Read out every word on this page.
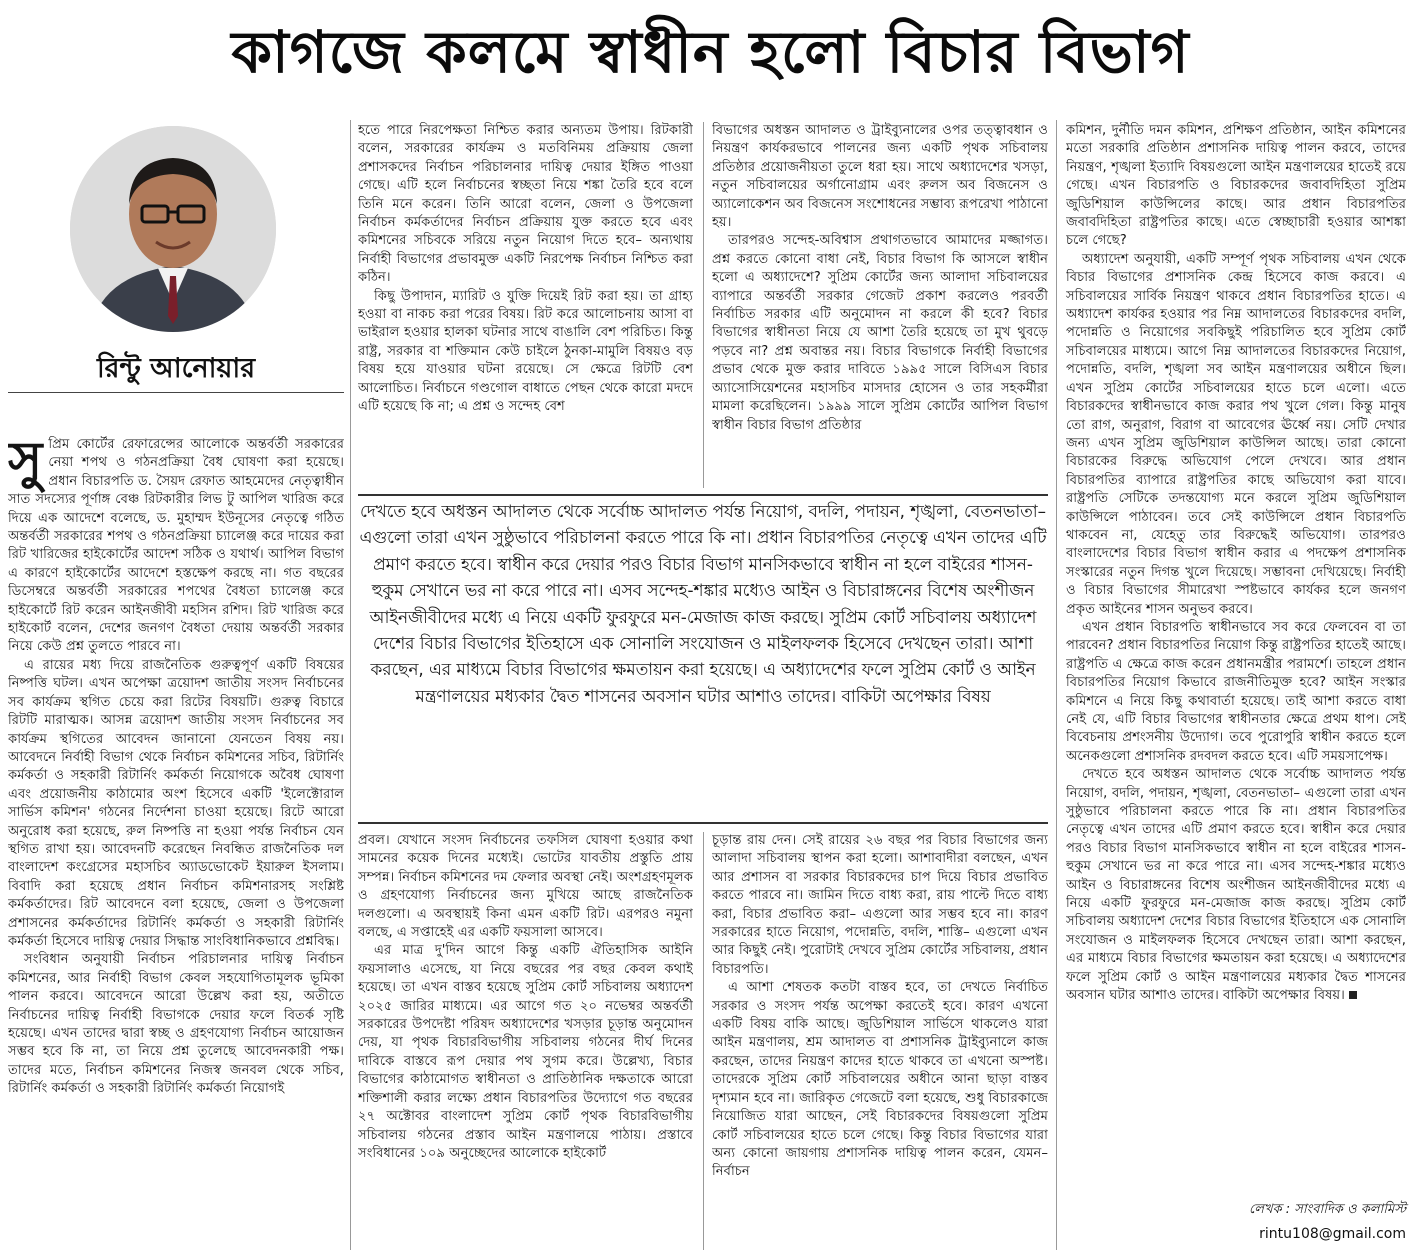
কাগজে কলমে স্বাধীন হলো বিচার বিভাগ
রিন্টু আনোয়ার

সুপ্রিম কোর্টের রেফারেন্সের আলোকে অন্তর্বর্তী সরকারের নেয়া শপথ ও গঠনপ্রক্রিয়া বৈধ ঘোষণা করা হয়েছে। প্রধান বিচারপতি ড. সৈয়দ রেফাত আহমেদের নেতৃত্বাধীন সাত সদস্যের পূর্ণাঙ্গ বেঞ্চ রিটকারীর লিভ টু আপিল খারিজ করে দিয়ে এক আদেশে বলেছে, ড. মুহাম্মদ ইউনূসের নেতৃত্বে গঠিত অন্তর্বর্তী সরকারের শপথ ও গঠনপ্রক্রিয়া চ্যালেঞ্জ করে দায়ের করা রিট খারিজের হাইকোর্টের আদেশ সঠিক ও যথার্থ। আপিল বিভাগ এ কারণে হাইকোর্টের আদেশে হস্তক্ষেপ করছে না। গত বছরের ডিসেম্বরে অন্তর্বর্তী সরকারের শপথের বৈধতা চ্যালেঞ্জ করে হাইকোর্টে রিট করেন আইনজীবী মহসিন রশিদ। রিট খারিজ করে হাইকোর্ট বলেন, দেশের জনগণ বৈধতা দেয়ায় অন্তর্বর্তী সরকার নিয়ে কেউ প্রশ্ন তুলতে পারবে না।

এ রায়ের মধ্য দিয়ে রাজনৈতিক গুরুত্বপূর্ণ একটি বিষয়ের নিষ্পত্তি ঘটল। এখন অপেক্ষা ত্রয়োদশ জাতীয় সংসদ নির্বাচনের সব কার্যক্রম স্থগিত চেয়ে করা রিটের বিষয়টি। গুরুত্ব বিচারে রিটটি মারাত্মক। আসন্ন ত্রয়োদশ জাতীয় সংসদ নির্বাচনের সব কার্যক্রম স্থগিতের আবেদন জানানো যেনতেন বিষয় নয়। আবেদনে নির্বাহী বিভাগ থেকে নির্বাচন কমিশনের সচিব, রিটার্নিং কর্মকর্তা ও সহকারী রিটার্নিং কর্মকর্তা নিয়োগকে অবৈধ ঘোষণা এবং প্রয়োজনীয় কাঠামোর অংশ হিসেবে একটি 'ইলেক্টোরাল সার্ভিস কমিশন' গঠনের নির্দেশনা চাওয়া হয়েছে। রিটে আরো অনুরোধ করা হয়েছে, রুল নিষ্পত্তি না হওয়া পর্যন্ত নির্বাচন যেন স্থগিত রাখা হয়। আবেদনটি করেছেন নিবন্ধিত রাজনৈতিক দল বাংলাদেশ কংগ্রেসের মহাসচিব অ্যাডভোকেট ইয়ারুল ইসলাম। বিবাদি করা হয়েছে প্রধান নির্বাচন কমিশনারসহ সংশ্লিষ্ট কর্মকর্তাদের। রিট আবেদনে বলা হয়েছে, জেলা ও উপজেলা প্রশাসনের কর্মকর্তাদের রিটার্নিং কর্মকর্তা ও সহকারী রিটার্নিং কর্মকর্তা হিসেবে দায়িত্ব দেয়ার সিদ্ধান্ত সাংবিধানিকভাবে প্রশ্নবিদ্ধ।

সংবিধান অনুযায়ী নির্বাচন পরিচালনার দায়িত্ব নির্বাচন কমিশনের, আর নির্বাহী বিভাগ কেবল সহযোগিতামূলক ভূমিকা পালন করবে। আবেদনে আরো উল্লেখ করা হয়, অতীতে নির্বাচনের দায়িত্ব নির্বাহী বিভাগকে দেয়ার ফলে বিতর্ক সৃষ্টি হয়েছে। এখন তাদের দ্বারা স্বচ্ছ ও গ্রহণযোগ্য নির্বাচন আয়োজন সম্ভব হবে কি না, তা নিয়ে প্রশ্ন তুলেছে আবেদনকারী পক্ষ। তাদের মতে, নির্বাচন কমিশনের নিজস্ব জনবল থেকে সচিব, রিটার্নিং কর্মকর্তা ও সহকারী রিটার্নিং কর্মকর্তা নিয়োগই

হতে পারে নিরপেক্ষতা নিশ্চিত করার অন্যতম উপায়। রিটকারী বলেন, সরকারের কার্যক্রম ও মতবিনিময় প্রক্রিয়ায় জেলা প্রশাসকদের নির্বাচন পরিচালনার দায়িত্ব দেয়ার ইঙ্গিত পাওয়া গেছে। এটি হলে নির্বাচনের স্বচ্ছতা নিয়ে শঙ্কা তৈরি হবে বলে তিনি মনে করেন। তিনি আরো বলেন, জেলা ও উপজেলা নির্বাচন কর্মকর্তাদের নির্বাচন প্রক্রিয়ায় যুক্ত করতে হবে এবং কমিশনের সচিবকে সরিয়ে নতুন নিয়োগ দিতে হবে– অন্যথায় নির্বাহী বিভাগের প্রভাবমুক্ত একটি নিরপেক্ষ নির্বাচন নিশ্চিত করা কঠিন।

কিছু উপাদান, ম্যারিট ও যুক্তি দিয়েই রিট করা হয়। তা গ্রাহ্য হওয়া বা নাকচ করা পরের বিষয়। রিট করে আলোচনায় আসা বা ভাইরাল হওয়ার হালকা ঘটনার সাথে বাঙালি বেশ পরিচিত। কিন্তু রাষ্ট্র, সরকার বা শক্তিমান কেউ চাইলে ঠুনকা-মামুলি বিষয়ও বড় বিষয় হয়ে যাওয়ার ঘটনা রয়েছে। সে ক্ষেত্রে রিটটি বেশ আলোচিত। নির্বাচনে গণ্ডগোল বাধাতে পেছন থেকে কারো মদদে এটি হয়েছে কি না; এ প্রশ্ন ও সন্দেহ বেশ

বিভাগের অধস্তন আদালত ও ট্রাইব্যুনালের ওপর তত্ত্বাবধান ও নিয়ন্ত্রণ কার্যকরভাবে পালনের জন্য একটি পৃথক সচিবালয় প্রতিষ্ঠার প্রয়োজনীয়তা তুলে ধরা হয়। সাথে অধ্যাদেশের খসড়া, নতুন সচিবালয়ের অর্গানোগ্রাম এবং রুলস অব বিজনেস ও অ্যালোকেশন অব বিজনেস সংশোধনের সম্ভাব্য রূপরেখা পাঠানো হয়।

তারপরও সন্দেহ-অবিশ্বাস প্রথাগতভাবে আমাদের মজ্জাগত। প্রশ্ন করতে কোনো বাধা নেই, বিচার বিভাগ কি আসলে স্বাধীন হলো এ অধ্যাদেশে? সুপ্রিম কোর্টের জন্য আলাদা সচিবালয়ের ব্যাপারে অন্তর্বর্তী সরকার গেজেট প্রকাশ করলেও পরবর্তী নির্বাচিত সরকার এটি অনুমোদন না করলে কী হবে? বিচার বিভাগের স্বাধীনতা নিয়ে যে আশা তৈরি হয়েছে তা মুখ থুবড়ে পড়বে না? প্রশ্ন অবান্তর নয়। বিচার বিভাগকে নির্বাহী বিভাগের প্রভাব থেকে মুক্ত করার দাবিতে ১৯৯৫ সালে বিসিএস বিচার অ্যাসোসিয়েশনের মহাসচিব মাসদার হোসেন ও তার সহকর্মীরা মামলা করেছিলেন। ১৯৯৯ সালে সুপ্রিম কোর্টের আপিল বিভাগ স্বাধীন বিচার বিভাগ প্রতিষ্ঠার

দেখতে হবে অধস্তন আদালত থেকে সর্বোচ্চ আদালত পর্যন্ত নিয়োগ, বদলি, পদায়ন, শৃঙ্খলা, বেতনভাতা– এগুলো তারা এখন সুষ্ঠুভাবে পরিচালনা করতে পারে কি না। প্রধান বিচারপতির নেতৃত্বে এখন তাদের এটি প্রমাণ করতে হবে। স্বাধীন করে দেয়ার পরও বিচার বিভাগ মানসিকভাবে স্বাধীন না হলে বাইরের শাসন-হুকুম সেখানে ভর না করে পারে না। এসব সন্দেহ-শঙ্কার মধ্যেও আইন ও বিচারাঙ্গনের বিশেষ অংশীজন আইনজীবীদের মধ্যে এ নিয়ে একটি ফুরফুরে মন-মেজাজ কাজ করছে। সুপ্রিম কোর্ট সচিবালয় অধ্যাদেশ দেশের বিচার বিভাগের ইতিহাসে এক সোনালি সংযোজন ও মাইলফলক হিসেবে দেখছেন তারা। আশা করছেন, এর মাধ্যমে বিচার বিভাগের ক্ষমতায়ন করা হয়েছে। এ অধ্যাদেশের ফলে সুপ্রিম কোর্ট ও আইন মন্ত্রণালয়ের মধ্যকার দ্বৈত শাসনের অবসান ঘটার আশাও তাদের। বাকিটা অপেক্ষার বিষয়

প্রবল। যেখানে সংসদ নির্বাচনের তফসিল ঘোষণা হওয়ার কথা সামনের কয়েক দিনের মধ্যেই। ভোটের যাবতীয় প্রস্তুতি প্রায় সম্পন্ন। নির্বাচন কমিশনের দম ফেলার অবস্থা নেই। অংশগ্রহণমূলক ও গ্রহণযোগ্য নির্বাচনের জন্য মুখিয়ে আছে রাজনৈতিক দলগুলো। এ অবস্থায়ই কিনা এমন একটি রিট। এরপরও নমুনা বলছে, এ সপ্তাহেই এর একটি ফয়সালা আসবে।

এর মাত্র দু'দিন আগে কিন্তু একটি ঐতিহাসিক আইনি ফয়সালাও এসেছে, যা নিয়ে বছরের পর বছর কেবল কথাই হয়েছে। তা এখন বাস্তব হয়েছে সুপ্রিম কোর্ট সচিবালয় অধ্যাদেশ ২০২৫ জারির মাধ্যমে। এর আগে গত ২০ নভেম্বর অন্তর্বর্তী সরকারের উপদেষ্টা পরিষদ অধ্যাদেশের খসড়ার চূড়ান্ত অনুমোদন দেয়, যা পৃথক বিচারবিভাগীয় সচিবালয় গঠনের দীর্ঘ দিনের দাবিকে বাস্তবে রূপ দেয়ার পথ সুগম করে। উল্লেখ্য, বিচার বিভাগের কাঠামোগত স্বাধীনতা ও প্রাতিষ্ঠানিক দক্ষতাকে আরো শক্তিশালী করার লক্ষ্যে প্রধান বিচারপতির উদ্যোগে গত বছরের ২৭ অক্টোবর বাংলাদেশ সুপ্রিম কোর্ট পৃথক বিচারবিভাগীয় সচিবালয় গঠনের প্রস্তাব আইন মন্ত্রণালয়ে পাঠায়। প্রস্তাবে সংবিধানের ১০৯ অনুচ্ছেদের আলোকে হাইকোর্ট

চূড়ান্ত রায় দেন। সেই রায়ের ২৬ বছর পর বিচার বিভাগের জন্য আলাদা সচিবালয় স্থাপন করা হলো। আশাবাদীরা বলছেন, এখন আর প্রশাসন বা সরকার বিচারকদের চাপ দিয়ে বিচার প্রভাবিত করতে পারবে না। জামিন দিতে বাধ্য করা, রায় পাল্টে দিতে বাধ্য করা, বিচার প্রভাবিত করা– এগুলো আর সম্ভব হবে না। কারণ সরকারের হাতে নিয়োগ, পদোন্নতি, বদলি, শাস্তি– এগুলো এখন আর কিছুই নেই। পুরোটাই দেখবে সুপ্রিম কোর্টের সচিবালয়, প্রধান বিচারপতি।

এ আশা শেষতক কতটা বাস্তব হবে, তা দেখতে নির্বাচিত সরকার ও সংসদ পর্যন্ত অপেক্ষা করতেই হবে। কারণ এখনো একটি বিষয় বাকি আছে। জুডিশিয়াল সার্ভিসে থাকলেও যারা আইন মন্ত্রণালয়, শ্রম আদালত বা প্রশাসনিক ট্রাইব্যুনালে কাজ করছেন, তাদের নিয়ন্ত্রণ কাদের হাতে থাকবে তা এখনো অস্পষ্ট। তাদেরকে সুপ্রিম কোর্ট সচিবালয়ের অধীনে আনা ছাড়া বাস্তব দৃশ্যমান হবে না। জারিকৃত গেজেটে বলা হয়েছে, শুধু বিচারকাজে নিয়োজিত যারা আছেন, সেই বিচারকদের বিষয়গুলো সুপ্রিম কোর্ট সচিবালয়ের হাতে চলে গেছে। কিন্তু বিচার বিভাগের যারা অন্য কোনো জায়গায় প্রশাসনিক দায়িত্ব পালন করেন, যেমন– নির্বাচন

কমিশন, দুর্নীতি দমন কমিশন, প্রশিক্ষণ প্রতিষ্ঠান, আইন কমিশনের মতো সরকারি প্রতিষ্ঠান প্রশাসনিক দায়িত্ব পালন করবে, তাদের নিয়ন্ত্রণ, শৃঙ্খলা ইত্যাদি বিষয়গুলো আইন মন্ত্রণালয়ের হাতেই রয়ে গেছে। এখন বিচারপতি ও বিচারকদের জবাবদিহিতা সুপ্রিম জুডিশিয়াল কাউন্সিলের কাছে। আর প্রধান বিচারপতির জবাবদিহিতা রাষ্ট্রপতির কাছে। এতে স্বেচ্ছাচারী হওয়ার আশঙ্কা চলে গেছে?

অধ্যাদেশ অনুযায়ী, একটি সম্পূর্ণ পৃথক সচিবালয় এখন থেকে বিচার বিভাগের প্রশাসনিক কেন্দ্র হিসেবে কাজ করবে। এ সচিবালয়ের সার্বিক নিয়ন্ত্রণ থাকবে প্রধান বিচারপতির হাতে। এ অধ্যাদেশ কার্যকর হওয়ার পর নিম্ন আদালতের বিচারকদের বদলি, পদোন্নতি ও নিয়োগের সবকিছুই পরিচালিত হবে সুপ্রিম কোর্ট সচিবালয়ের মাধ্যমে। আগে নিম্ন আদালতের বিচারকদের নিয়োগ, পদোন্নতি, বদলি, শৃঙ্খলা সব আইন মন্ত্রণালয়ের অধীনে ছিল। এখন সুপ্রিম কোর্টের সচিবালয়ের হাতে চলে এলো। এতে বিচারকদের স্বাধীনভাবে কাজ করার পথ খুলে গেল। কিন্তু মানুষ তো রাগ, অনুরাগ, বিরাগ বা আবেগের ঊর্ধ্বে নয়। সেটি দেখার জন্য এখন সুপ্রিম জুডিশিয়াল কাউন্সিল আছে। তারা কোনো বিচারকের বিরুদ্ধে অভিযোগ পেলে দেখবে। আর প্রধান বিচারপতির ব্যাপারে রাষ্ট্রপতির কাছে অভিযোগ করা যাবে। রাষ্ট্রপতি সেটিকে তদন্তযোগ্য মনে করলে সুপ্রিম জুডিশিয়াল কাউন্সিলে পাঠাবেন। তবে সেই কাউন্সিলে প্রধান বিচারপতি থাকবেন না, যেহেতু তার বিরুদ্ধেই অভিযোগ। তারপরও বাংলাদেশের বিচার বিভাগ স্বাধীন করার এ পদক্ষেপ প্রশাসনিক সংস্কারের নতুন দিগন্ত খুলে দিয়েছে। সম্ভাবনা দেখিয়েছে। নির্বাহী ও বিচার বিভাগের সীমারেখা স্পষ্টভাবে কার্যকর হলে জনগণ প্রকৃত আইনের শাসন অনুভব করবে।

এখন প্রধান বিচারপতি স্বাধীনভাবে সব করে ফেলবেন বা তা পারবেন? প্রধান বিচারপতির নিয়োগ কিন্তু রাষ্ট্রপতির হাতেই আছে। রাষ্ট্রপতি এ ক্ষেত্রে কাজ করেন প্রধানমন্ত্রীর পরামর্শে। তাহলে প্রধান বিচারপতির নিয়োগ কিভাবে রাজনীতিমুক্ত হবে? আইন সংস্কার কমিশনে এ নিয়ে কিছু কথাবার্তা হয়েছে। তাই আশা করতে বাধা নেই যে, এটি বিচার বিভাগের স্বাধীনতার ক্ষেত্রে প্রথম ধাপ। সেই বিবেচনায় প্রশংসনীয় উদ্যোগ। তবে পুরোপুরি স্বাধীন করতে হলে অনেকগুলো প্রশাসনিক রদবদল করতে হবে। এটি সময়সাপেক্ষ।

দেখতে হবে অধস্তন আদালত থেকে সর্বোচ্চ আদালত পর্যন্ত নিয়োগ, বদলি, পদায়ন, শৃঙ্খলা, বেতনভাতা– এগুলো তারা এখন সুষ্ঠুভাবে পরিচালনা করতে পারে কি না। প্রধান বিচারপতির নেতৃত্বে এখন তাদের এটি প্রমাণ করতে হবে। স্বাধীন করে দেয়ার পরও বিচার বিভাগ মানসিকভাবে স্বাধীন না হলে বাইরের শাসন-হুকুম সেখানে ভর না করে পারে না। এসব সন্দেহ-শঙ্কার মধ্যেও আইন ও বিচারাঙ্গনের বিশেষ অংশীজন আইনজীবীদের মধ্যে এ নিয়ে একটি ফুরফুরে মন-মেজাজ কাজ করছে। সুপ্রিম কোর্ট সচিবালয় অধ্যাদেশ দেশের বিচার বিভাগের ইতিহাসে এক সোনালি সংযোজন ও মাইলফলক হিসেবে দেখছেন তারা। আশা করছেন, এর মাধ্যমে বিচার বিভাগের ক্ষমতায়ন করা হয়েছে। এ অধ্যাদেশের ফলে সুপ্রিম কোর্ট ও আইন মন্ত্রণালয়ের মধ্যকার দ্বৈত শাসনের অবসান ঘটার আশাও তাদের। বাকিটা অপেক্ষার বিষয়।

লেখক : সাংবাদিক ও কলামিস্ট
rintu108@gmail.com
